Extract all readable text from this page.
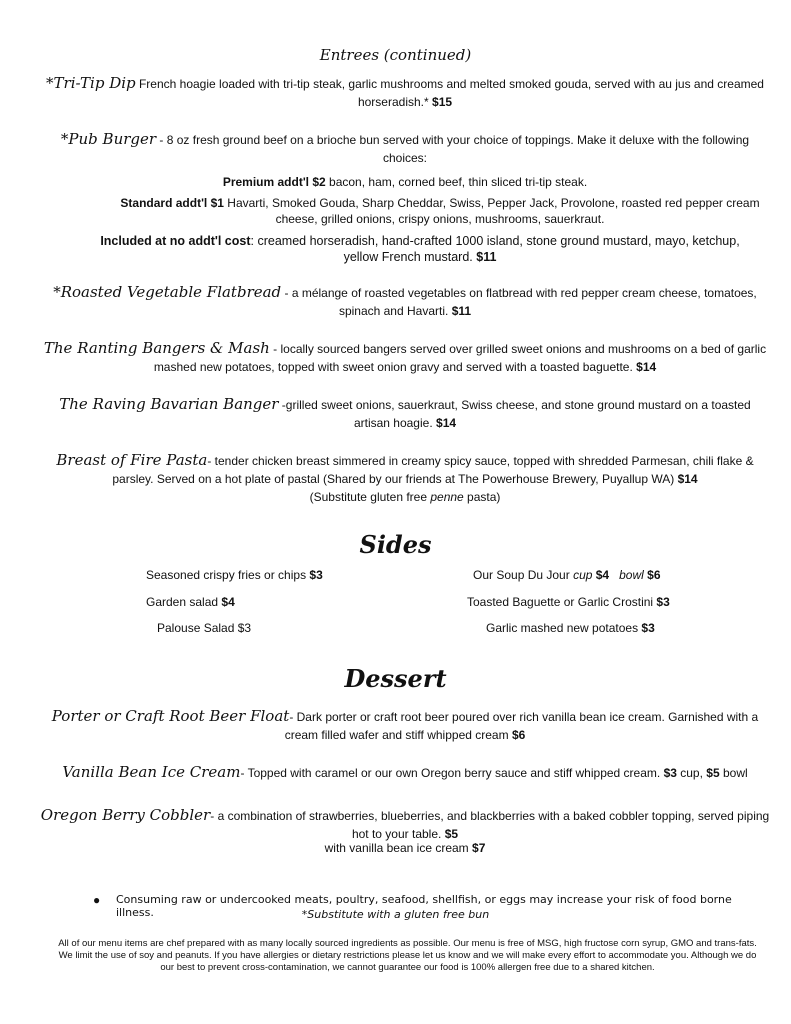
Entrees (continued)
*Tri-Tip Dip French hoagie loaded with tri-tip steak, garlic mushrooms and melted smoked gouda, served with au jus and creamed
horseradish.* $15
*Pub Burger - 8 oz fresh ground beef on a brioche bun served with your choice of toppings. Make it deluxe with the following
choices:
Premium addt'l $2 bacon, ham, corned beef, thin sliced tri-tip steak.
Standard addt'l $1 Havarti, Smoked Gouda, Sharp Cheddar, Swiss, Pepper Jack, Provolone, roasted red pepper cream
cheese, grilled onions, crispy onions, mushrooms, sauerkraut.
Included at no addt'l cost: creamed horseradish, hand-crafted 1000 island, stone ground mustard, mayo, ketchup,
yellow French mustard. $11
*Roasted Vegetable Flatbread - a mélange of roasted vegetables on flatbread with red pepper cream cheese, tomatoes,
spinach and Havarti. $11
The Ranting Bangers & Mash - locally sourced bangers served over grilled sweet onions and mushrooms on a bed of garlic
mashed new potatoes, topped with sweet onion gravy and served with a toasted baguette. $14
The Raving Bavarian Banger -grilled sweet onions, sauerkraut, Swiss cheese, and stone ground mustard on a toasted
artisan hoagie. $14
Breast of Fire Pasta- tender chicken breast simmered in creamy spicy sauce, topped with shredded Parmesan, chili flake &
parsley. Served on a hot plate of pastal (Shared by our friends at The Powerhouse Brewery, Puyallup WA) $14
(Substitute gluten free penne pasta)
Sides
Seasoned crispy fries or chips $3
Garden salad $4
Palouse Salad $3
Our Soup Du Jour cup $4 bowl $6
Toasted Baguette or Garlic Crostini $3
Garlic mashed new potatoes $3
Dessert
Porter or Craft Root Beer Float- Dark porter or craft root beer poured over rich vanilla bean ice cream. Garnished with a
cream filled wafer and stiff whipped cream $6
Vanilla Bean Ice Cream- Topped with caramel or our own Oregon berry sauce and stiff whipped cream. $3 cup, $5 bowl
Oregon Berry Cobbler- a combination of strawberries, blueberries, and blackberries with a baked cobbler topping, served piping
hot to your table. $5
with vanilla bean ice cream $7
● Consuming raw or undercooked meats, poultry, seafood, shellfish, or eggs may increase your risk of food borne illness.	*Substitute with a gluten free bun
All of our menu items are chef prepared with as many locally sourced ingredients as possible. Our menu is free of MSG, high fructose corn syrup, GMO and trans-fats. We limit the use of soy and peanuts. If you have allergies or dietary restrictions please let us know and we will make every effort to accommodate you. Although we do our best to prevent cross-contamination, we cannot guarantee our food is 100% allergen free due to a shared kitchen.
